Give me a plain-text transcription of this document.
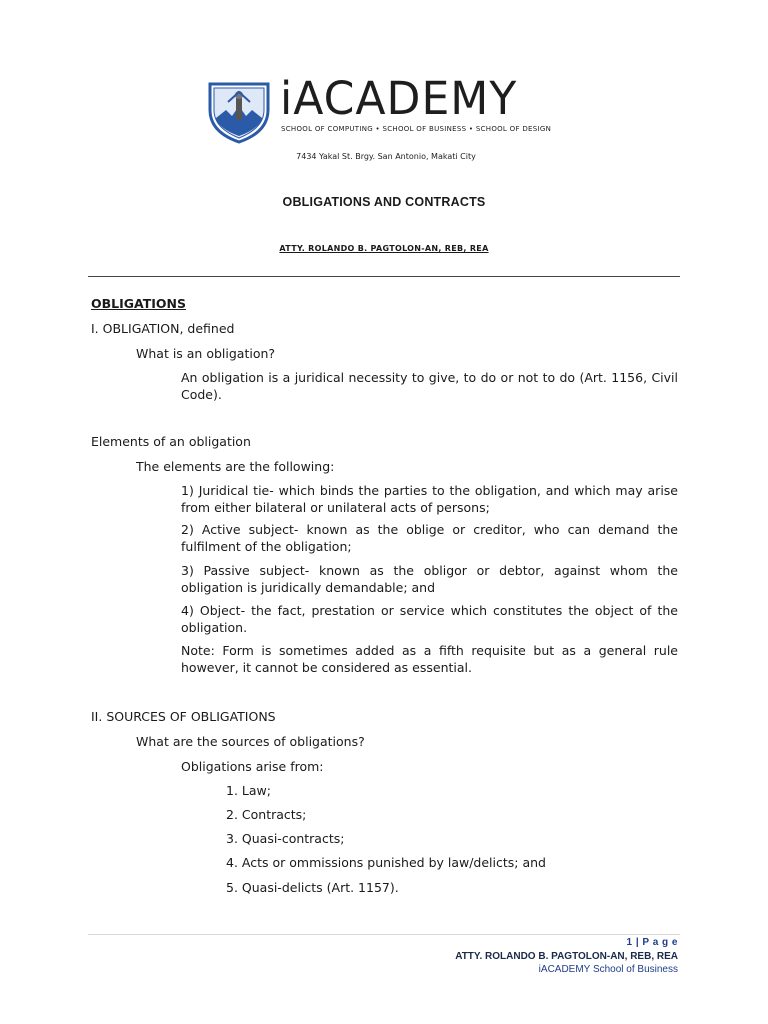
iACADEMY
SCHOOL OF COMPUTING • SCHOOL OF BUSINESS • SCHOOL OF DESIGN
7434 Yakal St. Brgy. San Antonio, Makati City
OBLIGATIONS AND CONTRACTS
ATTY. ROLANDO B. PAGTOLON-AN, REB, REA
OBLIGATIONS
I. OBLIGATION, defined
What is an obligation?
An obligation is a juridical necessity to give, to do or not to do (Art. 1156, Civil Code).
Elements of an obligation
The elements are the following:
1) Juridical tie- which binds the parties to the obligation, and which may arise from either bilateral or unilateral acts of persons;
2) Active subject- known as the oblige or creditor, who can demand the fulfilment of the obligation;
3) Passive subject- known as the obligor or debtor, against whom the obligation is juridically demandable; and
4) Object- the fact, prestation or service which constitutes the object of the obligation.
Note: Form is sometimes added as a fifth requisite but as a general rule however, it cannot be considered as essential.
II. SOURCES OF OBLIGATIONS
What are the sources of obligations?
Obligations arise from:
1. Law;
2. Contracts;
3. Quasi-contracts;
4. Acts or ommissions punished by law/delicts; and
5. Quasi-delicts (Art. 1157).
1 | P a g e
ATTY. ROLANDO B. PAGTOLON-AN, REB, REA
iACADEMY School of Business
